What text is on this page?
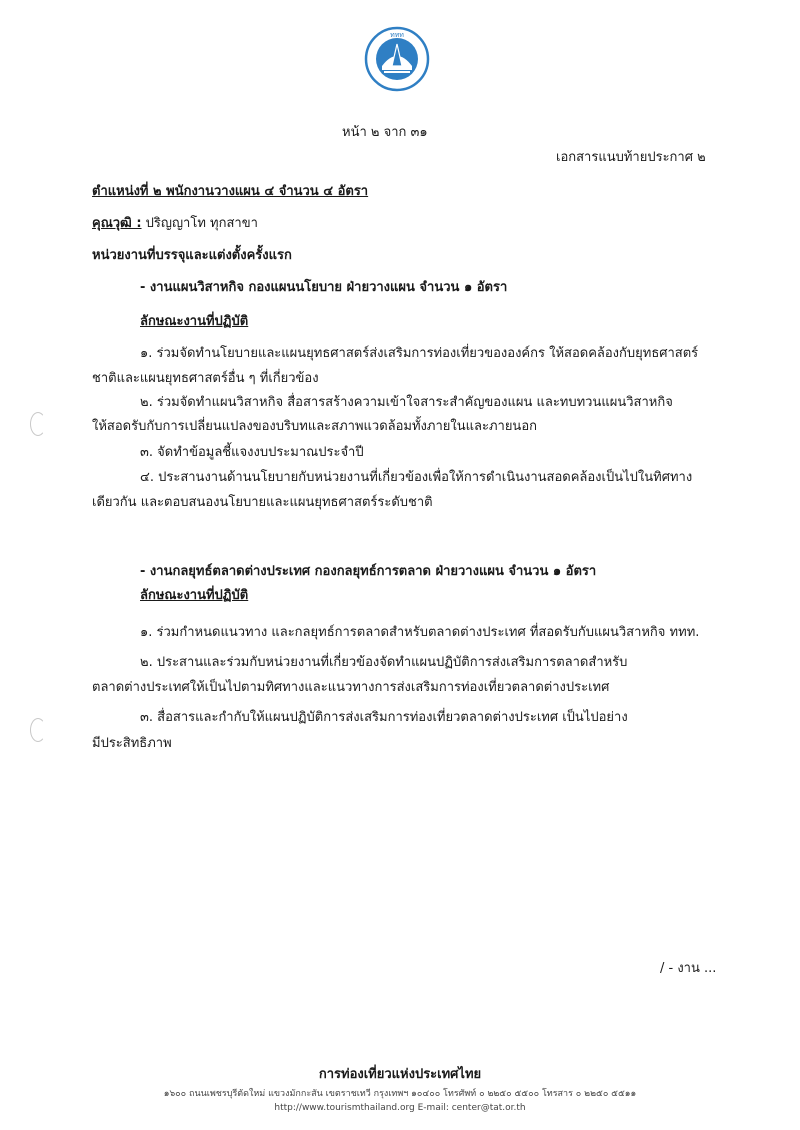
ททท
หน้า ๒ จาก ๓๑
เอกสารแนบท้ายประกาศ ๒
ตำแหน่งที่ ๒ พนักงานวางแผน ๔ จำนวน ๔ อัตรา
คุณวุฒิ : ปริญญาโท ทุกสาขา
หน่วยงานที่บรรจุและแต่งตั้งครั้งแรก
- งานแผนวิสาหกิจ กองแผนนโยบาย ฝ่ายวางแผน จำนวน ๑ อัตรา
ลักษณะงานที่ปฏิบัติ
๑. ร่วมจัดทำนโยบายและแผนยุทธศาสตร์ส่งเสริมการท่องเที่ยวขององค์กร ให้สอดคล้องกับยุทธศาสตร์
ชาติและแผนยุทธศาสตร์อื่น ๆ ที่เกี่ยวข้อง
๒. ร่วมจัดทำแผนวิสาหกิจ สื่อสารสร้างความเข้าใจสาระสำคัญของแผน และทบทวนแผนวิสาหกิจ
ให้สอดรับกับการเปลี่ยนแปลงของบริบทและสภาพแวดล้อมทั้งภายในและภายนอก
๓. จัดทำข้อมูลชี้แจงงบประมาณประจำปี
๔. ประสานงานด้านนโยบายกับหน่วยงานที่เกี่ยวข้องเพื่อให้การดำเนินงานสอดคล้องเป็นไปในทิศทาง
เดียวกัน และตอบสนองนโยบายและแผนยุทธศาสตร์ระดับชาติ
- งานกลยุทธ์ตลาดต่างประเทศ กองกลยุทธ์การตลาด ฝ่ายวางแผน จำนวน ๑ อัตรา
ลักษณะงานที่ปฏิบัติ
๑. ร่วมกำหนดแนวทาง และกลยุทธ์การตลาดสำหรับตลาดต่างประเทศ ที่สอดรับกับแผนวิสาหกิจ ททท.
๒. ประสานและร่วมกับหน่วยงานที่เกี่ยวข้องจัดทำแผนปฏิบัติการส่งเสริมการตลาดสำหรับ
ตลาดต่างประเทศให้เป็นไปตามทิศทางและแนวทางการส่งเสริมการท่องเที่ยวตลาดต่างประเทศ
๓. สื่อสารและกำกับให้แผนปฏิบัติการส่งเสริมการท่องเที่ยวตลาดต่างประเทศ เป็นไปอย่าง
มีประสิทธิภาพ
/ - งาน ...
การท่องเที่ยวแห่งประเทศไทย
๑๖๐๐ ถนนเพชรบุรีตัดใหม่ แขวงมักกะสัน เขตราชเทวี กรุงเทพฯ ๑๐๔๐๐ โทรศัพท์ ๐ ๒๒๕๐ ๕๕๐๐ โทรสาร ๐ ๒๒๕๐ ๕๕๑๑
http://www.tourismthailand.org E-mail: center@tat.or.th
